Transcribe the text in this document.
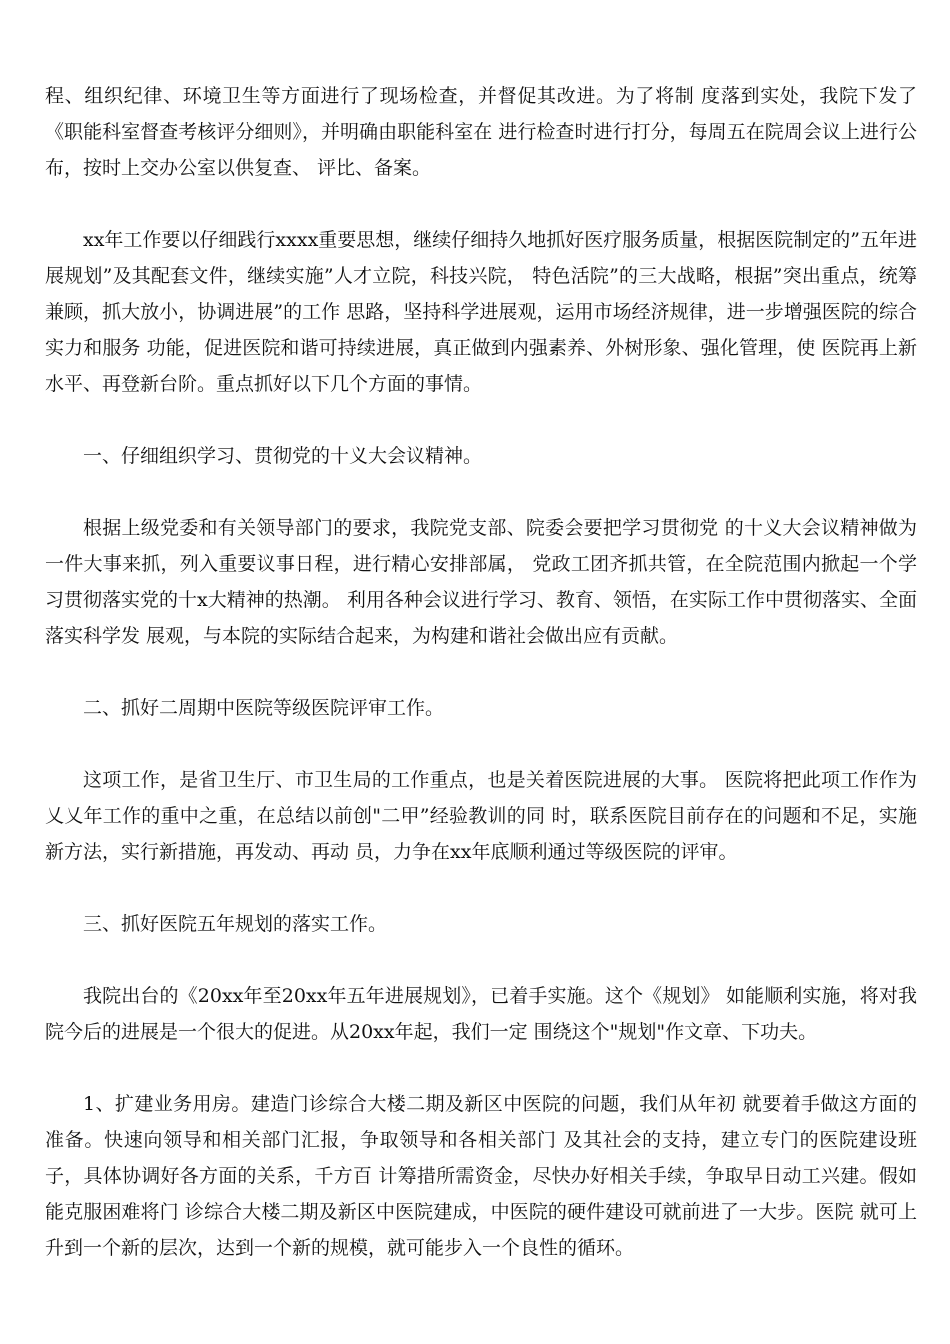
程、组织纪律、环境卫生等方面进行了现场检查，并督促其改进。为了将制 度落到实处，我院下发了《职能科室督查考核评分细则》，并明确由职能科室在 进行检查时进行打分，每周五在院周会议上进行公布，按时上交办公室以供复查、 评比、备案。

xx年工作要以仔细践行xxxx重要思想，继续仔细持久地抓好医疗服务质量，根据医院制定的”五年进展规划”及其配套文件，继续实施”人才立院，科技兴院， 特色活院”的三大战略，根据”突出重点，统筹兼顾，抓大放小，协调进展”的工作 思路，坚持科学进展观，运用市场经济规律，进一步增强医院的综合实力和服务 功能，促进医院和谐可持续进展，真正做到内强素养、外树形象、强化管理，使 医院再上新水平、再登新台阶。重点抓好以下几个方面的事情。

一、仔细组织学习、贯彻党的十义大会议精神。

根据上级党委和有关领导部门的要求，我院党支部、院委会要把学习贯彻党 的十义大会议精神做为一件大事来抓，列入重要议事日程，进行精心安排部属， 党政工团齐抓共管，在全院范围内掀起一个学习贯彻落实党的十x大精神的热潮。 利用各种会议进行学习、教育、领悟，在实际工作中贯彻落实、全面落实科学发 展观，与本院的实际结合起来，为构建和谐社会做出应有贡献。

二、抓好二周期中医院等级医院评审工作。

这项工作，是省卫生厅、市卫生局的工作重点，也是关着医院进展的大事。 医院将把此项工作作为乂乂年工作的重中之重，在总结以前创"二甲”经验教训的同 时，联系医院目前存在的问题和不足，实施新方法，实行新措施，再发动、再动 员，力争在xx年底顺利通过等级医院的评审。

三、抓好医院五年规划的落实工作。

我院出台的《20xx年至20xx年五年进展规划》，已着手实施。这个《规划》 如能顺利实施，将对我院今后的进展是一个很大的促进。从20xx年起，我们一定 围绕这个"规划"作文章、下功夫。

1、扩建业务用房。建造门诊综合大楼二期及新区中医院的问题，我们从年初 就要着手做这方面的准备。快速向领导和相关部门汇报，争取领导和各相关部门 及其社会的支持，建立专门的医院建设班子，具体协调好各方面的关系，千方百 计筹措所需资金，尽快办好相关手续，争取早日动工兴建。假如能克服困难将门 诊综合大楼二期及新区中医院建成，中医院的硬件建设可就前进了一大步。医院 就可上升到一个新的层次，达到一个新的规模，就可能步入一个良性的循环。
